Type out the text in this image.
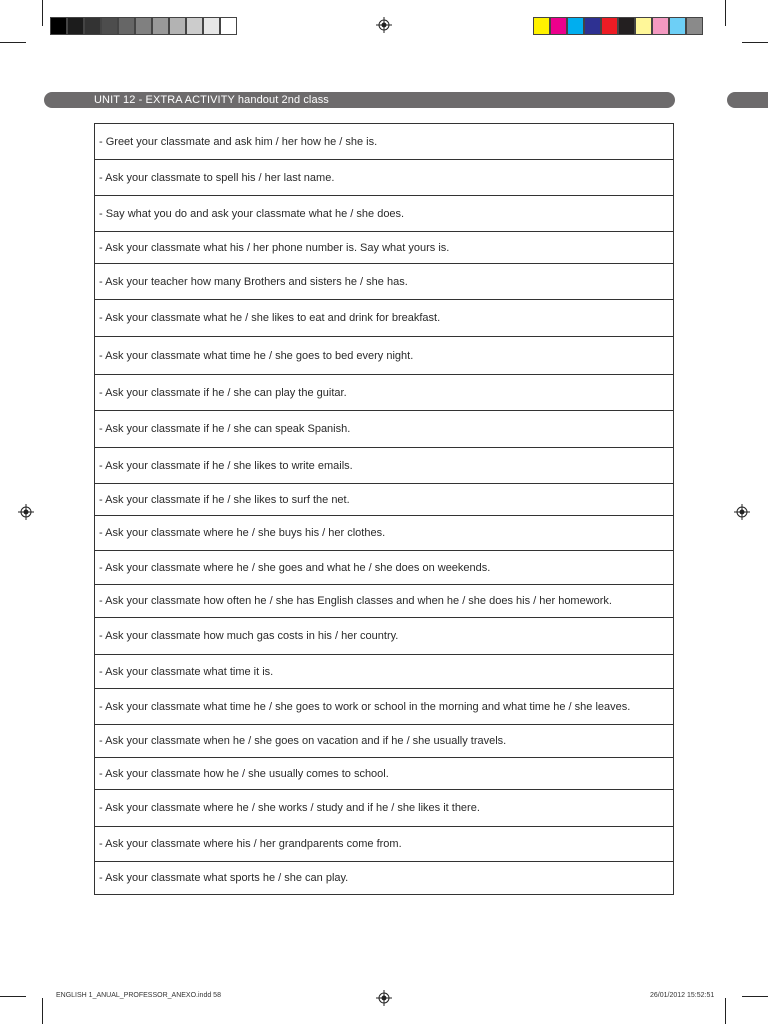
UNIT 12 - EXTRA ACTIVITY handout 2nd class
- Greet your classmate and ask him / her how he / she is.
- Ask your classmate to spell his / her last name.
- Say what you do and ask your classmate what he / she does.
- Ask your classmate what his / her phone number is. Say what yours is.
- Ask your teacher how many Brothers and sisters he / she has.
- Ask your classmate what he / she likes to eat and drink for breakfast.
- Ask your classmate what time he / she goes to bed every night.
- Ask your classmate if he / she can play the guitar.
- Ask your classmate if he / she can speak Spanish.
- Ask your classmate if he / she likes to write emails.
- Ask your classmate if he / she likes to surf the net.
- Ask your classmate where he / she buys his / her clothes.
- Ask your classmate where he / she goes and what he / she does on weekends.
- Ask your classmate how often he / she has English classes and when he / she does his / her homework.
- Ask your classmate how much gas costs in his / her country.
- Ask your classmate what time it is.
- Ask your classmate what time he / she goes to work or school in the morning and what time he / she leaves.
- Ask your classmate when he / she goes on vacation and if he / she usually travels.
- Ask your classmate how he / she usually comes to school.
- Ask your classmate where he / she works / study and if he / she likes it there.
- Ask your classmate where his / her grandparents come from.
- Ask your classmate what sports he / she can play.
ENGLISH 1_ANUAL_PROFESSOR_ANEXO.indd 58	26/01/2012 15:52:51
